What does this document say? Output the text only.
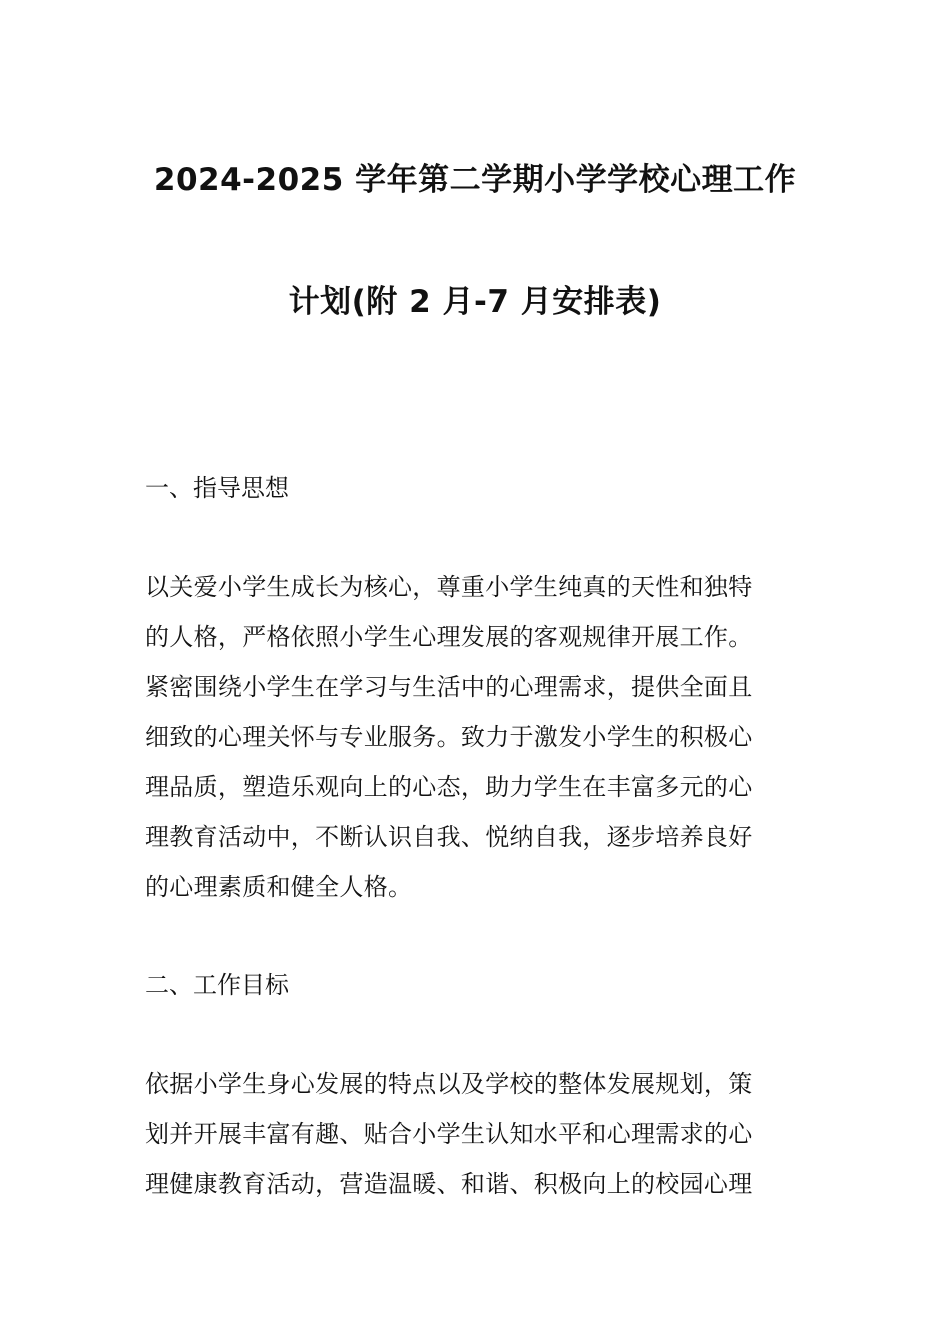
2024-2025 学年第二学期小学学校心理工作
计划(附 2 月-7 月安排表)
一、指导思想
以关爱小学生成长为核心，尊重小学生纯真的天性和独特
的人格，严格依照小学生心理发展的客观规律开展工作。
紧密围绕小学生在学习与生活中的心理需求，提供全面且
细致的心理关怀与专业服务。致力于激发小学生的积极心
理品质，塑造乐观向上的心态，助力学生在丰富多元的心
理教育活动中，不断认识自我、悦纳自我，逐步培养良好
的心理素质和健全人格。
二、工作目标
依据小学生身心发展的特点以及学校的整体发展规划，策
划并开展丰富有趣、贴合小学生认知水平和心理需求的心
理健康教育活动，营造温暖、和谐、积极向上的校园心理
